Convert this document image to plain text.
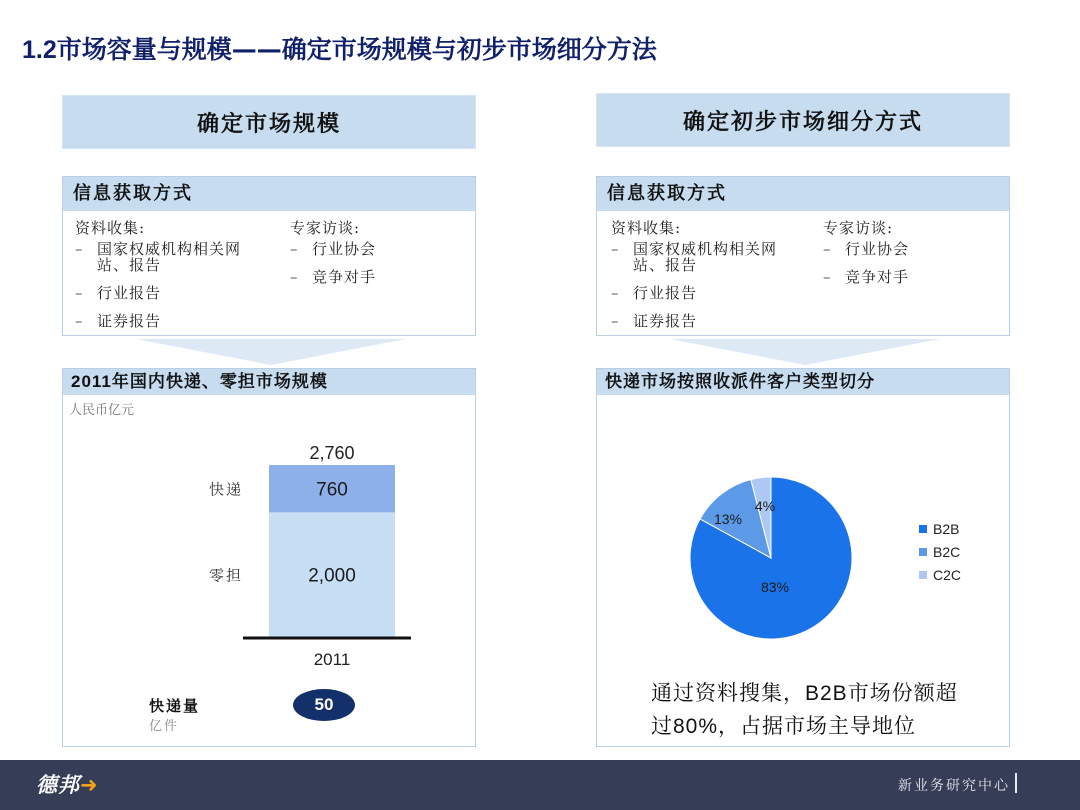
1.2市场容量与规模——确定市场规模与初步市场细分方法
确定市场规模	确定初步市场细分方式
信息获取方式
资料收集:
– 国家权威机构相关网站、报告
– 行业报告
– 证券报告
专家访谈:
– 行业协会
– 竞争对手
信息获取方式
资料收集:
– 国家权威机构相关网站、报告
– 行业报告
– 证券报告
专家访谈:
– 行业协会
– 竞争对手
2011年国内快递、零担市场规模
人民币亿元
2,000
零担
760
快递
2,760
2011
快递量
亿件
50
快递市场按照收派件客户类型切分
83%
13%
4%
B2B
B2C
C2C
通过资料搜集，B2B市场份额超
过80%，占据市场主导地位
德邦➜	新业务研究中心
